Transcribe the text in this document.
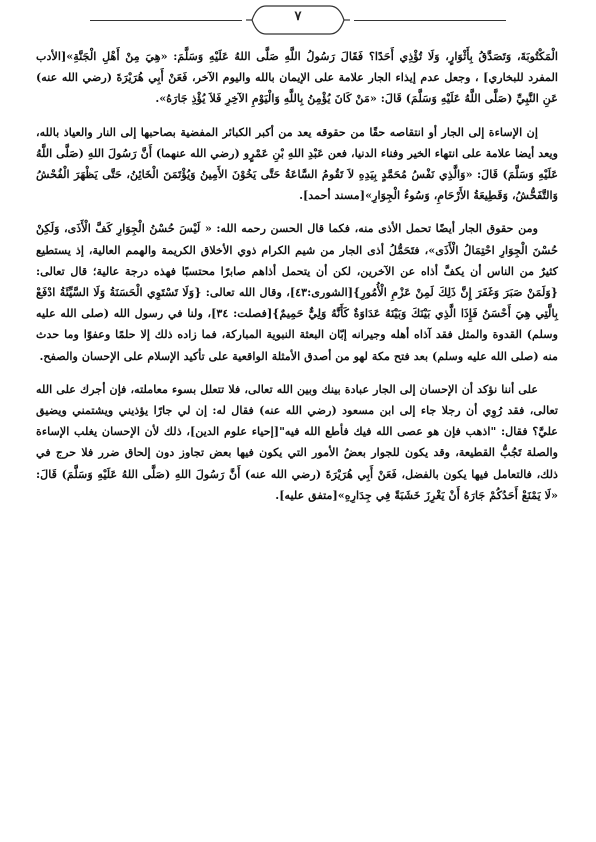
٧

الْمَكْتُوبَةَ، وَتَصَدَّقُ بِأَثْوَارٍ، وَلَا تُؤْذِي أَحَدًا؟ فَقَالَ رَسُولُ اللَّهِ صَلَّى اللهُ عَلَيْهِ وَسَلَّمَ: «هِيَ مِنْ أَهْلِ الْجَنَّةِ»[الأدب المفرد للبخاري] ، وجعل عدم إيذاء الجار علامة على الإيمان بالله واليوم الآخر، فَعَنْ أَبِي هُرَيْرَةَ (رضي الله عنه) عَنِ النَّبِيِّ (صَلَّى اللَّهُ عَلَيْهِ وَسَلَّمَ) قَالَ: «مَنْ كَانَ يُؤْمِنُ بِاللَّهِ وَالْيَوْمِ الآخِرِ فَلاَ يُؤْذِ جَارَهُ».

إن الإساءة إلى الجار أو انتقاصه حقًا من حقوقه يعد من أكبر الكبائر المفضية بصاحبها إلى النار والعياذ بالله، ويعد أيضا علامة على انتهاء الخير وفناء الدنيا، فعن عَبْدِ اللهِ بْنِ عَمْرٍو (رضي الله عنهما) أَنَّ رَسُولَ اللهِ (صَلَّى اللَّهُ عَلَيْهِ وَسَلَّمَ) قَالَ: «وَالَّذِي نَفْسُ مُحَمَّدٍ بِيَدِهِ لاَ تَقُومُ السَّاعَةُ حَتَّى يَخُوْنَ الأَمِينُ وَيُؤْتَمَنَ الْخَائِنُ، حَتَّى يَظْهَرَ الْفُحْشُ وَالتَّفَحُّشُ، وَقَطِيعَةُ الأَرْحَامِ، وَسُوءُ الْجِوَارِ»[مسند أحمد].

ومن حقوق الجار أيضًا تحمل الأذى منه، فكما قال الحسن رحمه الله: « لَيْسَ حُسْنُ الْجِوَارِ كَفَّ الْأَذَى، وَلَكِنْ حُسْنَ الْجِوَارِ احْتِمَالُ الْأَذَى»، فتَحَمُّلُ أذى الجار من شيم الكرام ذوي الأخلاق الكريمة والهمم العالية، إذ يستطيع كثيرٌ من الناس أن يكفَّ أذاه عن الآخرين، لكن أن يتحمل أذاهم صابرًا محتسبًا فهذه درجة عالية؛ قال تعالى: {وَلَمَنْ صَبَرَ وَغَفَرَ إِنَّ ذَلِكَ لَمِنْ عَزْمِ الْأُمُورِ}[الشورى:٤٣]، وقال الله تعالى: {وَلَا تَسْتَوِي الْحَسَنَةُ وَلَا السَّيِّئَةُ ادْفَعْ بِالَّتِي هِيَ أَحْسَنُ فَإِذَا الَّذِي بَيْنَكَ وَبَيْنَهُ عَدَاوَةٌ كَأَنَّهُ وَلِيٌّ حَمِيمٌ}[فصلت: ٣٤]، ولنا في رسول الله (صلى الله عليه وسلم) القدوة والمثل فقد آذاه أهله وجيرانه إبّان البعثة النبوية المباركة، فما زاده ذلك إلا حلمًا وعفوًا وما حدث منه (صلى الله عليه وسلم) بعد فتح مكة لهو من أصدق الأمثلة الواقعية على تأكيد الإسلام على الإحسان والصفح.

على أننا نؤكد أن الإحسان إلى الجار عبادة بينك وبين الله تعالى، فلا تتعلل بسوء معاملته، فإن أجرك على الله تعالى، فقد رُوِي أن رجلا جاء إلى ابن مسعود (رضي الله عنه) فقال له: إن لي جارًا يؤذيني ويشتمني ويضيق عليَّ؟ فقال: "اذهب فإن هو عصى الله فيك فأطع الله فيه"[إحياء علوم الدين]، ذلك لأن الإحسان يغلب الإساءة والصلة تَجُبُّ القطيعة، وقد يكون للجوار بعضُ الأمور التي يكون فيها بعض تجاوز دون إلحاق ضرر فلا حرج في ذلك، فالتعامل فيها يكون بالفضل، فَعَنْ أَبِي هُرَيْرَةَ (رضي الله عنه) أَنَّ رَسُولَ اللهِ (صَلَّى اللهُ عَلَيْهِ وَسَلَّمَ) قَالَ: «لَا يَمْنَعْ أَحَدُكُمْ جَارَهُ أَنْ يَغْرِزَ خَشَبَةً فِي جِدَارِهِ»[متفق عليه].
